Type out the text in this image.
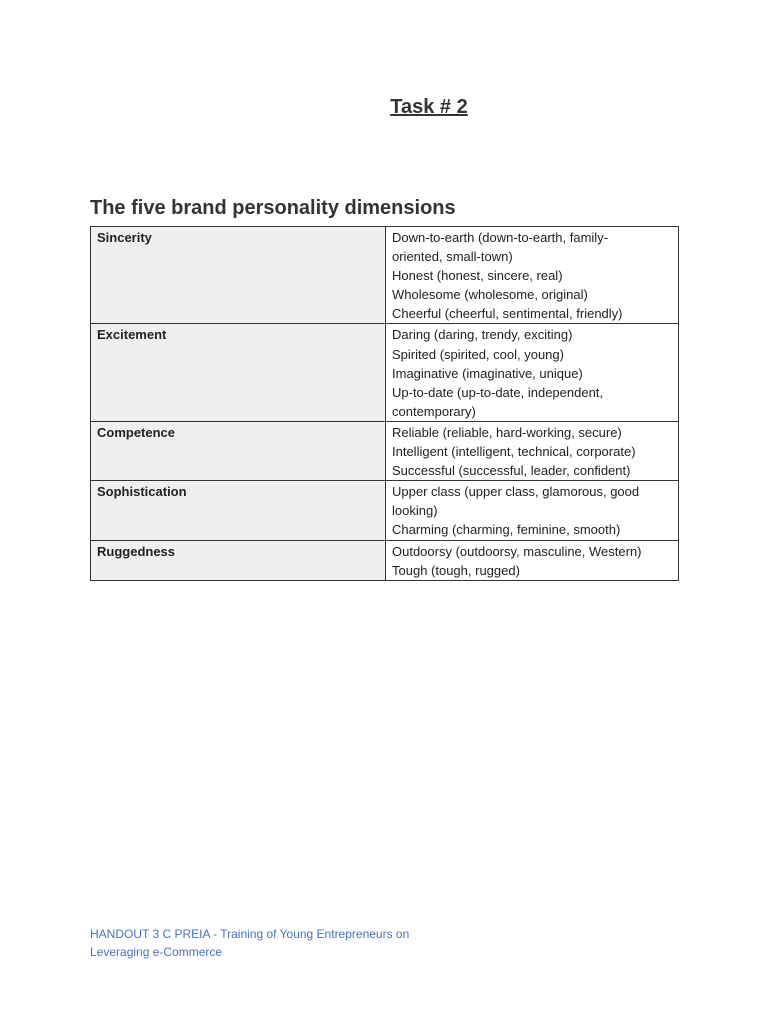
Task # 2
The five brand personality dimensions
Sincerity	Down-to-earth (down-to-earth, family-
oriented, small-town)
Honest (honest, sincere, real)
Wholesome (wholesome, original)
Cheerful (cheerful, sentimental, friendly)

Excitement	Daring (daring, trendy, exciting)
Spirited (spirited, cool, young)
Imaginative (imaginative, unique)
Up-to-date (up-to-date, independent,
contemporary)

Competence	Reliable (reliable, hard-working, secure)
Intelligent (intelligent, technical, corporate)
Successful (successful, leader, confident)

Sophistication	Upper class (upper class, glamorous, good
looking)
Charming (charming, feminine, smooth)

Ruggedness	Outdoorsy (outdoorsy, masculine, Western)
Tough (tough, rugged)
HANDOUT 3 C PREIA - Training of Young Entrepreneurs on
Leveraging e-Commerce
